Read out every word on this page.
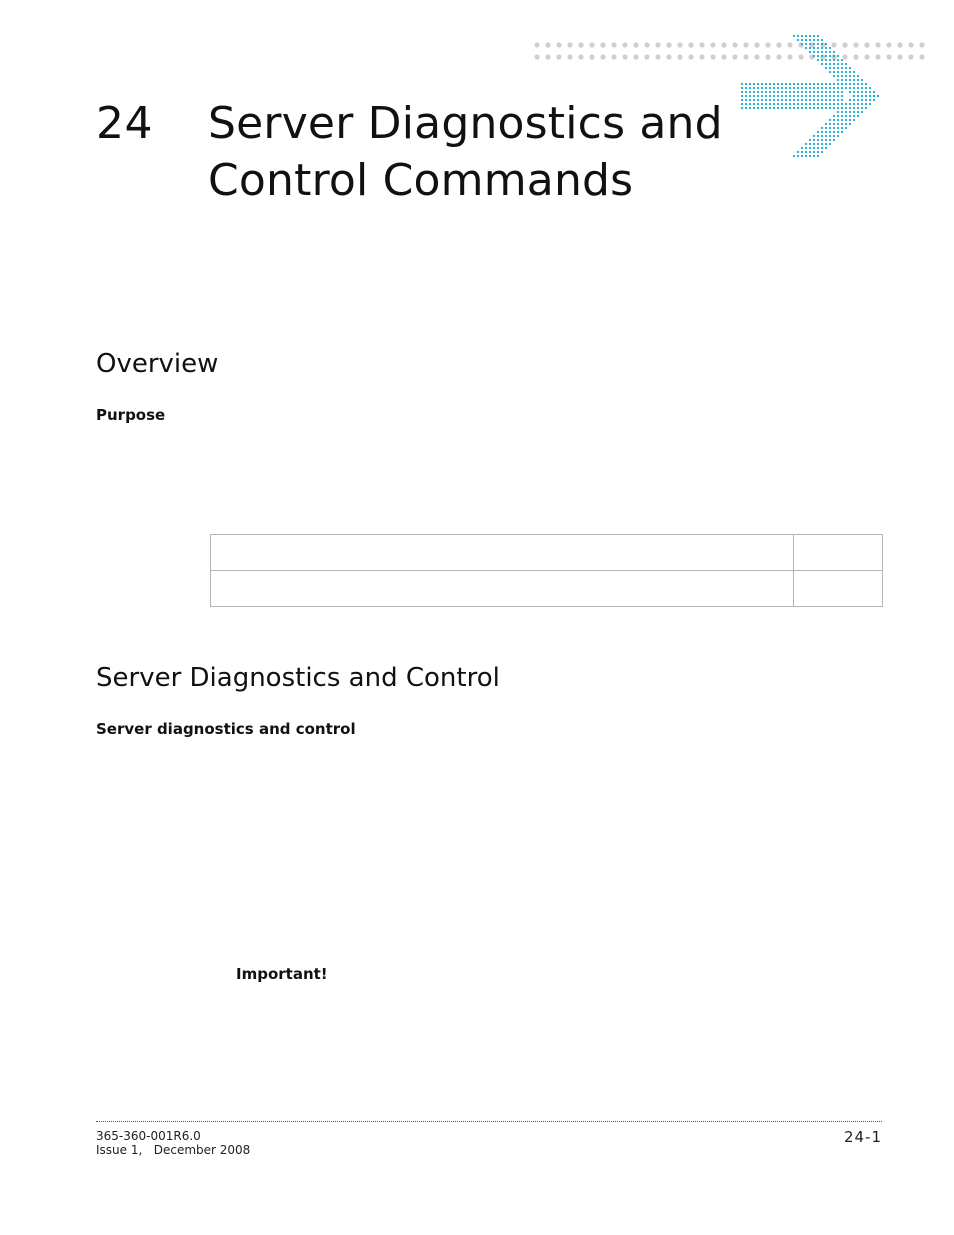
24 Server Diagnostics and
Control Commands
Overview
Purpose

Server Diagnostics and Control
Server diagnostics and control
Important!
365-360-001R6.0
Issue 1,   December 2008
24-1
